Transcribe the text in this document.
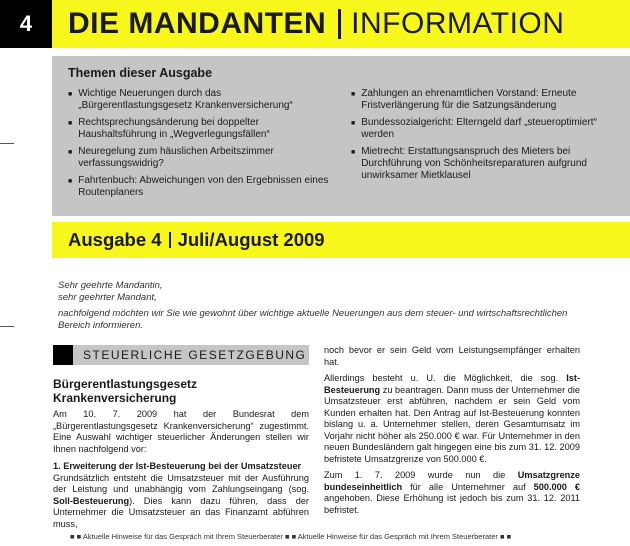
4	DIE MANDANTEN INFORMATION
Themen dieser Ausgabe
■ Wichtige Neuerungen durch das „Bürgerentlastungsgesetz Krankenversicherung“
■ Rechtsprechungsänderung bei doppelter Haushaltsführung in „Wegverlegungsfällen“
■ Neuregelung zum häuslichen Arbeitszimmer verfassungswidrig?
■ Fahrtenbuch: Abweichungen von den Ergebnissen eines Routenplaners
■ Zahlungen an ehrenamtlichen Vorstand: Erneute Fristverlängerung für die Satzungsänderung
■ Bundessozialgericht: Elterngeld darf „steueroptimiert“ werden
■ Mietrecht: Erstattungsanspruch des Mieters bei Durchführung von Schönheitsreparaturen aufgrund unwirksamer Mietklausel
Ausgabe 4 Juli/August 2009
Sehr geehrte Mandantin,
sehr geehrter Mandant,
nachfolgend möchten wir Sie wie gewohnt über wichtige aktuelle Neuerungen aus dem steuer- und wirtschaftsrechtlichen Bereich informieren.
STEUERLICHE GESETZGEBUNG
Bürgerentlastungsgesetz Krankenversicherung

Am 10. 7. 2009 hat der Bundesrat dem „Bürgerentlastungsgesetz Krankenversicherung“ zugestimmt. Eine Auswahl wichtiger steuerlicher Änderungen stellen wir Ihnen nachfolgend vor:

1. Erweiterung der Ist-Besteuerung bei der Umsatzsteuer

Grundsätzlich entsteht die Umsatzsteuer mit der Ausführung der Leistung und unabhängig vom Zahlungseingang (sog. Soll-Besteuerung). Dies kann dazu führen, dass der Unternehmer die Umsatzsteuer an das Finanzamt abführen muss,

noch bevor er sein Geld vom Leistungsempfänger erhalten hat.

Allerdings besteht u. U. die Möglichkeit, die sog. Ist-Besteuerung zu beantragen. Dann muss der Unternehmer die Umsatzsteuer erst abführen, nachdem er sein Geld vom Kunden erhalten hat. Den Antrag auf Ist-Besteuerung konnten bislang u. a. Unternehmer stellen, deren Gesamtumsatz im Vorjahr nicht höher als 250.000 € war. Für Unternehmer in den neuen Bundesländern galt hingegen eine bis zum 31. 12. 2009 befristete Umsatzgrenze von 500.000 €.

Zum 1. 7. 2009 wurde nun die Umsatzgrenze bundeseinheitlich für alle Unternehmer auf 500.000 € angehoben. Diese Erhöhung ist jedoch bis zum 31. 12. 2011 befristet.

■ ■ Aktuelle Hinweise für das Gespräch mit Ihrem Steuerberater ■ ■ Aktuelle Hinweise für das Gespräch mit Ihrem Steuerberater ■ ■
